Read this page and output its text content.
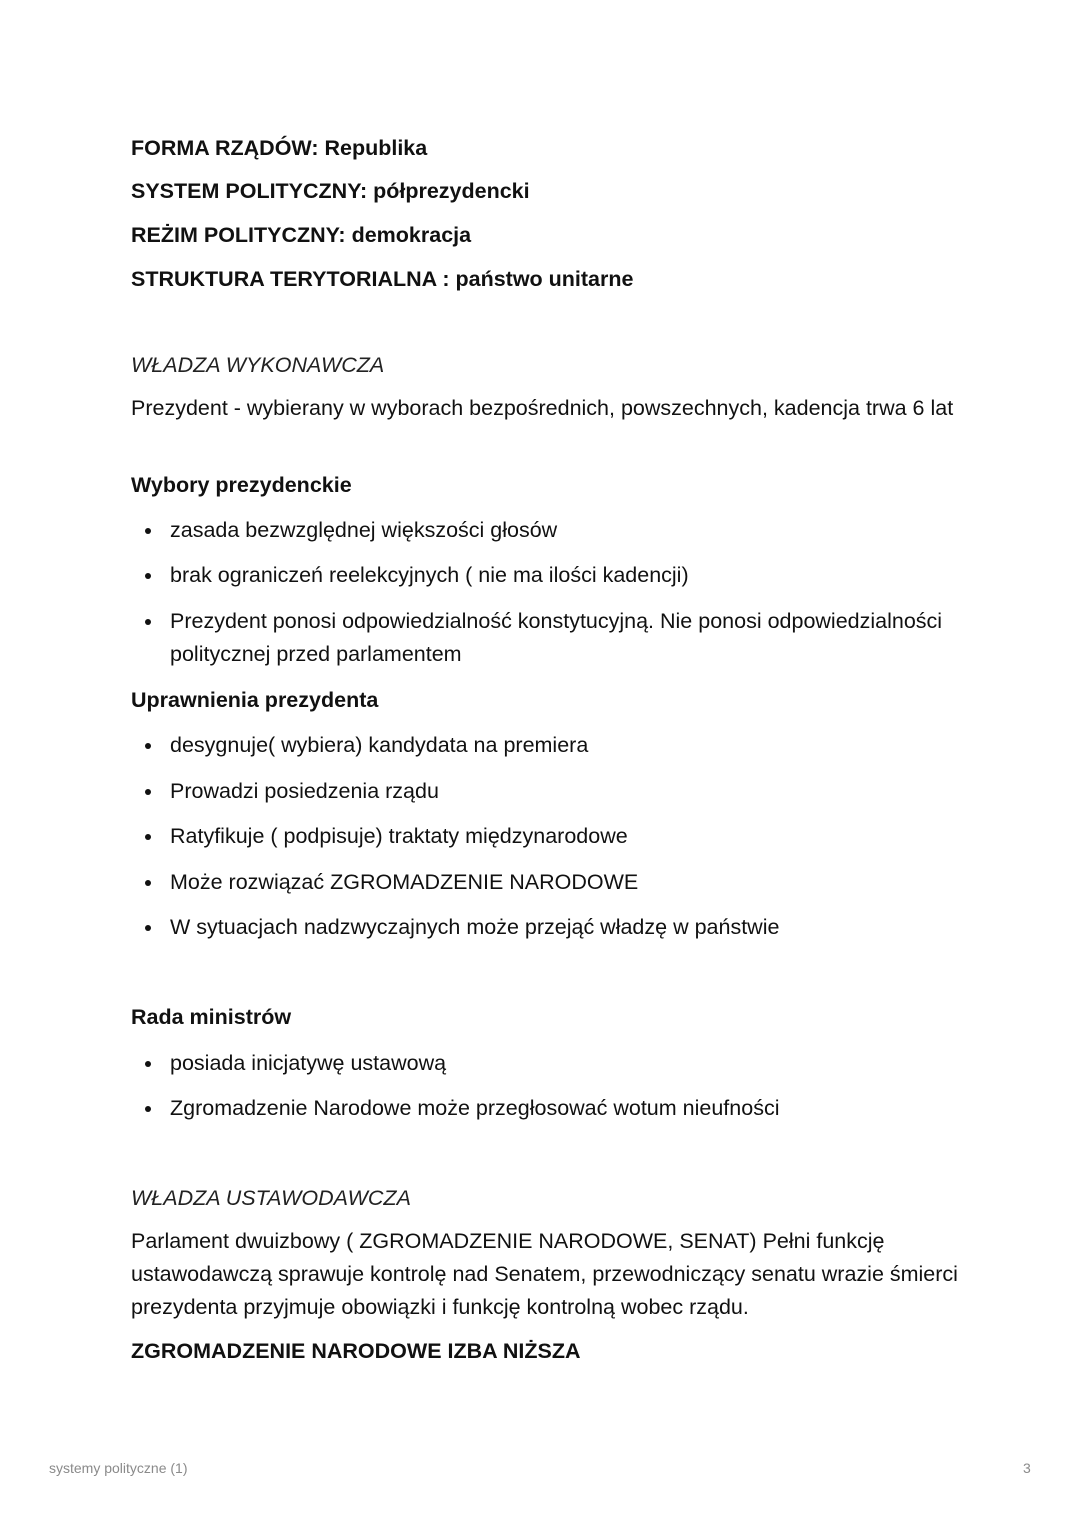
FORMA RZĄDÓW: Republika
SYSTEM POLITYCZNY: półprezydencki
REŻIM POLITYCZNY: demokracja
STRUKTURA TERYTORIALNA : państwo unitarne
WŁADZA WYKONAWCZA
Prezydent - wybierany w wyborach bezpośrednich, powszechnych, kadencja trwa 6 lat
Wybory prezydenckie
zasada bezwzględnej większości głosów
brak ograniczeń reelekcyjnych ( nie ma ilości kadencji)
Prezydent ponosi odpowiedzialność konstytucyjną. Nie ponosi odpowiedzialności politycznej przed parlamentem
Uprawnienia prezydenta
desygnuje( wybiera) kandydata na premiera
Prowadzi posiedzenia rządu
Ratyfikuje ( podpisuje) traktaty międzynarodowe
Może rozwiązać ZGROMADZENIE NARODOWE
W sytuacjach nadzwyczajnych może przejąć władzę w państwie
Rada ministrów
posiada inicjatywę ustawową
Zgromadzenie Narodowe może przegłosować wotum nieufności
WŁADZA USTAWODAWCZA
Parlament dwuizbowy ( ZGROMADZENIE NARODOWE, SENAT) Pełni funkcję ustawodawczą sprawuje kontrolę nad Senatem, przewodniczący senatu wrazie śmierci prezydenta przyjmuje obowiązki i funkcję kontrolną wobec rządu.
ZGROMADZENIE NARODOWE IZBA NIŻSZA
systemy polityczne (1)	3
